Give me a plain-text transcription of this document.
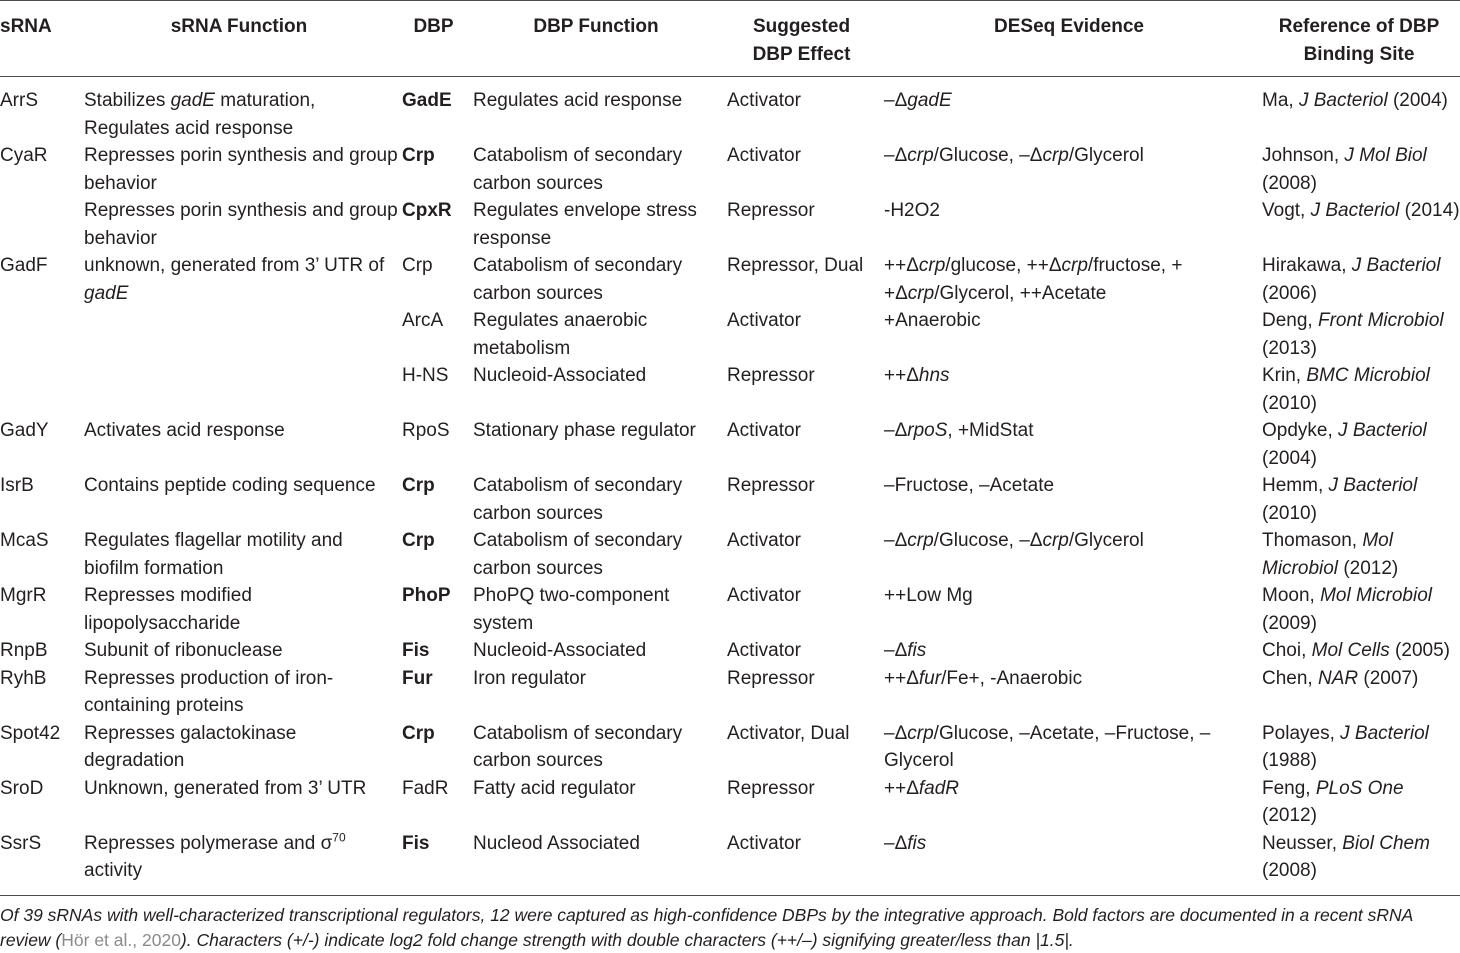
sRNA	sRNA Function	DBP	DBP Function	Suggested DBP Effect	DESeq Evidence	Reference of DBP Binding Site
ArrS	Stabilizes gadE maturation, Regulates acid response	GadE	Regulates acid response	Activator	–ΔgadE	Ma, J Bacteriol (2004)
CyaR	Represses porin synthesis and group behavior	Crp	Catabolism of secondary carbon sources	Activator	–Δcrp/Glucose, –Δcrp/Glycerol	Johnson, J Mol Biol (2008)
	Represses porin synthesis and group behavior	CpxR	Regulates envelope stress response	Repressor	-H2O2	Vogt, J Bacteriol (2014)
GadF	unknown, generated from 3’ UTR of gadE	Crp	Catabolism of secondary carbon sources	Repressor, Dual	++Δcrp/glucose, ++Δcrp/fructose, + +Δcrp/Glycerol, ++Acetate	Hirakawa, J Bacteriol (2006)
		ArcA	Regulates anaerobic metabolism	Activator	+Anaerobic	Deng, Front Microbiol (2013)
		H-NS	Nucleoid-Associated	Repressor	++Δhns	Krin, BMC Microbiol (2010)
GadY	Activates acid response	RpoS	Stationary phase regulator	Activator	–ΔrpoS, +MidStat	Opdyke, J Bacteriol (2004)
IsrB	Contains peptide coding sequence	Crp	Catabolism of secondary carbon sources	Repressor	–Fructose, –Acetate	Hemm, J Bacteriol (2010)
McaS	Regulates flagellar motility and biofilm formation	Crp	Catabolism of secondary carbon sources	Activator	–Δcrp/Glucose, –Δcrp/Glycerol	Thomason, Mol Microbiol (2012)
MgrR	Represses modified lipopolysaccharide	PhoP	PhoPQ two-component system	Activator	++Low Mg	Moon, Mol Microbiol (2009)
RnpB	Subunit of ribonuclease	Fis	Nucleoid-Associated	Activator	–Δfis	Choi, Mol Cells (2005)
RyhB	Represses production of iron-containing proteins	Fur	Iron regulator	Repressor	++Δfur/Fe+, -Anaerobic	Chen, NAR (2007)
Spot42	Represses galactokinase degradation	Crp	Catabolism of secondary carbon sources	Activator, Dual	–Δcrp/Glucose, –Acetate, –Fructose, –Glycerol	Polayes, J Bacteriol (1988)
SroD	Unknown, generated from 3’ UTR	FadR	Fatty acid regulator	Repressor	++ΔfadR	Feng, PLoS One (2012)
SsrS	Represses polymerase and $\sigma^{70}$ activity	Fis	Nucleod Associated	Activator	–Δfis	Neusser, Biol Chem (2008)
Of 39 sRNAs with well-characterized transcriptional regulators, 12 were captured as high-confidence DBPs by the integrative approach. Bold factors are documented in a recent sRNA review (Hör et al., 2020). Characters (+/-) indicate log2 fold change strength with double characters (++/–) signifying greater/less than |1.5|.
